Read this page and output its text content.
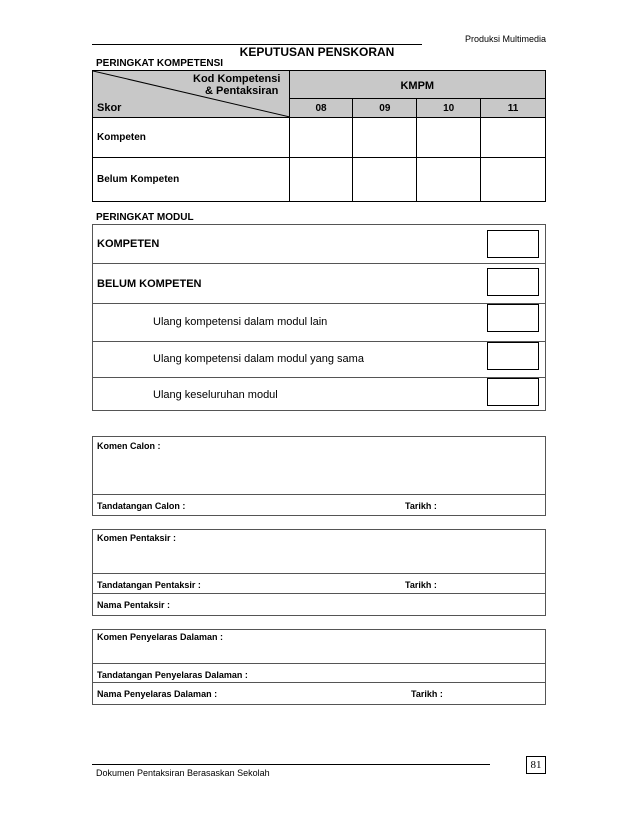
Produksi Multimedia
KEPUTUSAN PENSKORAN
PERINGKAT KOMPETENSI
Kod Kompetensi
& Pentaksiran
Skor	KMPM			
	08	09	10	11
Kompeten				
Belum Kompeten				
PERINGKAT MODUL
KOMPETEN
BELUM KOMPETEN
Ulang kompetensi dalam modul lain
Ulang kompetensi dalam modul yang sama
Ulang keseluruhan modul
Komen Calon :
Tandatangan Calon :	Tarikh :
Komen Pentaksir :
Tandatangan Pentaksir :	Tarikh :
Nama Pentaksir :
Komen Penyelaras Dalaman :
Tandatangan Penyelaras Dalaman :
Nama Penyelaras Dalaman :	Tarikh :
Dokumen Pentaksiran Berasaskan Sekolah
81
